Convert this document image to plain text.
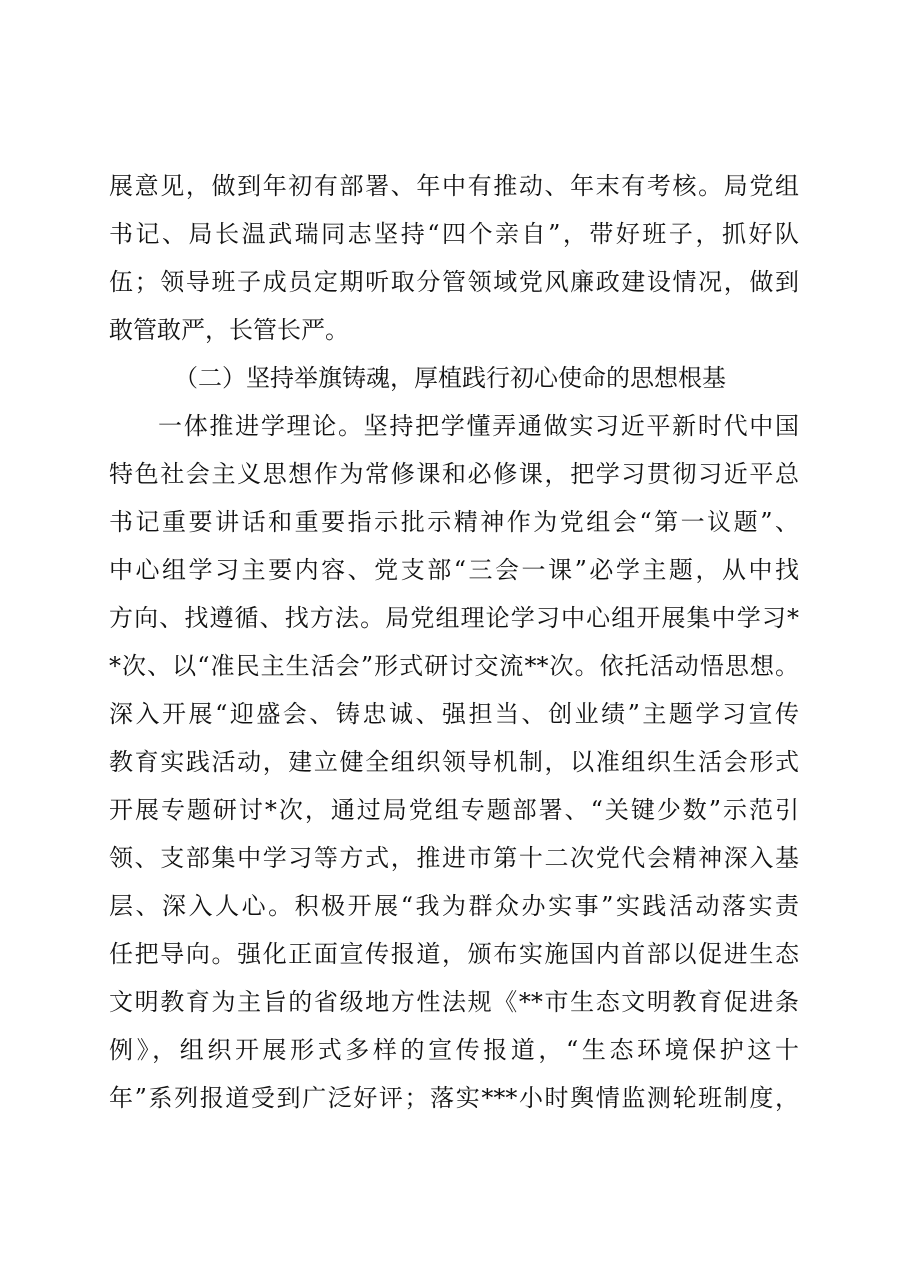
展意见，做到年初有部署、年中有推动、年末有考核。局党组
书记、局长温武瑞同志坚持“四个亲自”，带好班子，抓好队
伍；领导班子成员定期听取分管领域党风廉政建设情况，做到
敢管敢严，长管长严。
（二）坚持举旗铸魂，厚植践行初心使命的思想根基
一体推进学理论。坚持把学懂弄通做实习近平新时代中国
特色社会主义思想作为常修课和必修课，把学习贯彻习近平总
书记重要讲话和重要指示批示精神作为党组会“第一议题”、
中心组学习主要内容、党支部“三会一课”必学主题，从中找
方向、找遵循、找方法。局党组理论学习中心组开展集中学习*
*次、以“准民主生活会”形式研讨交流**次。依托活动悟思想。
深入开展“迎盛会、铸忠诚、强担当、创业绩”主题学习宣传
教育实践活动，建立健全组织领导机制，以准组织生活会形式
开展专题研讨*次，通过局党组专题部署、“关键少数”示范引
领、支部集中学习等方式，推进市第十二次党代会精神深入基
层、深入人心。积极开展“我为群众办实事”实践活动落实责
任把导向。强化正面宣传报道，颁布实施国内首部以促进生态
文明教育为主旨的省级地方性法规《**市生态文明教育促进条
例》，组织开展形式多样的宣传报道，“生态环境保护这十
年”系列报道受到广泛好评；落实***小时舆情监测轮班制度，
